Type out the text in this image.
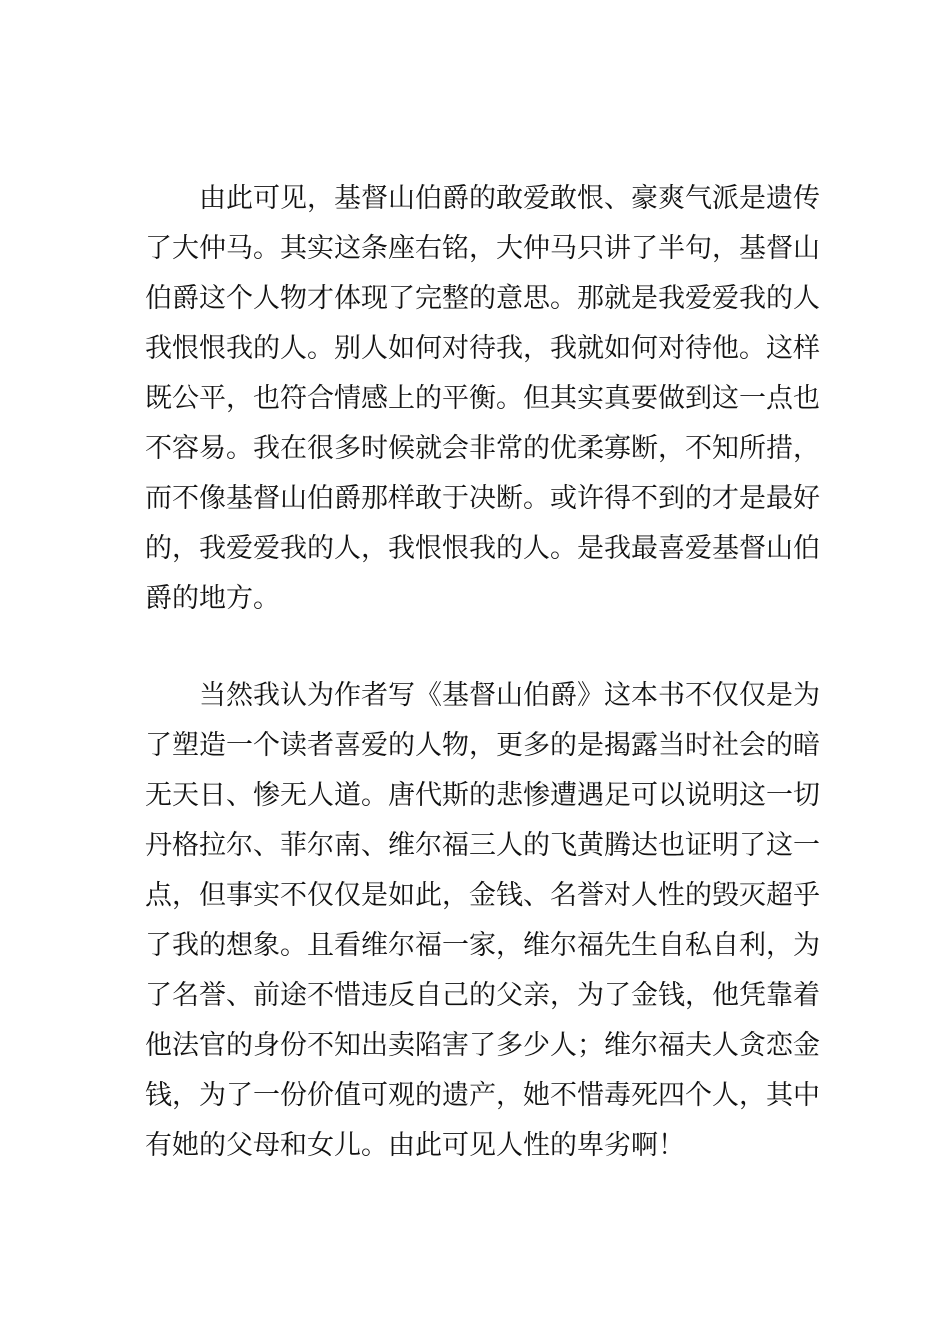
由此可见，基督山伯爵的敢爱敢恨、豪爽气派是遗传
了大仲马。其实这条座右铭，大仲马只讲了半句，基督山
伯爵这个人物才体现了完整的意思。那就是我爱爱我的人
我恨恨我的人。别人如何对待我，我就如何对待他。这样
既公平，也符合情感上的平衡。但其实真要做到这一点也
不容易。我在很多时候就会非常的优柔寡断，不知所措，
而不像基督山伯爵那样敢于决断。或许得不到的才是最好
的，我爱爱我的人，我恨恨我的人。是我最喜爱基督山伯
爵的地方。
当然我认为作者写《基督山伯爵》这本书不仅仅是为
了塑造一个读者喜爱的人物，更多的是揭露当时社会的暗
无天日、惨无人道。唐代斯的悲惨遭遇足可以说明这一切
丹格拉尔、菲尔南、维尔福三人的飞黄腾达也证明了这一
点，但事实不仅仅是如此，金钱、名誉对人性的毁灭超乎
了我的想象。且看维尔福一家，维尔福先生自私自利，为
了名誉、前途不惜违反自己的父亲，为了金钱，他凭靠着
他法官的身份不知出卖陷害了多少人；维尔福夫人贪恋金
钱，为了一份价值可观的遗产，她不惜毒死四个人，其中
有她的父母和女儿。由此可见人性的卑劣啊！
